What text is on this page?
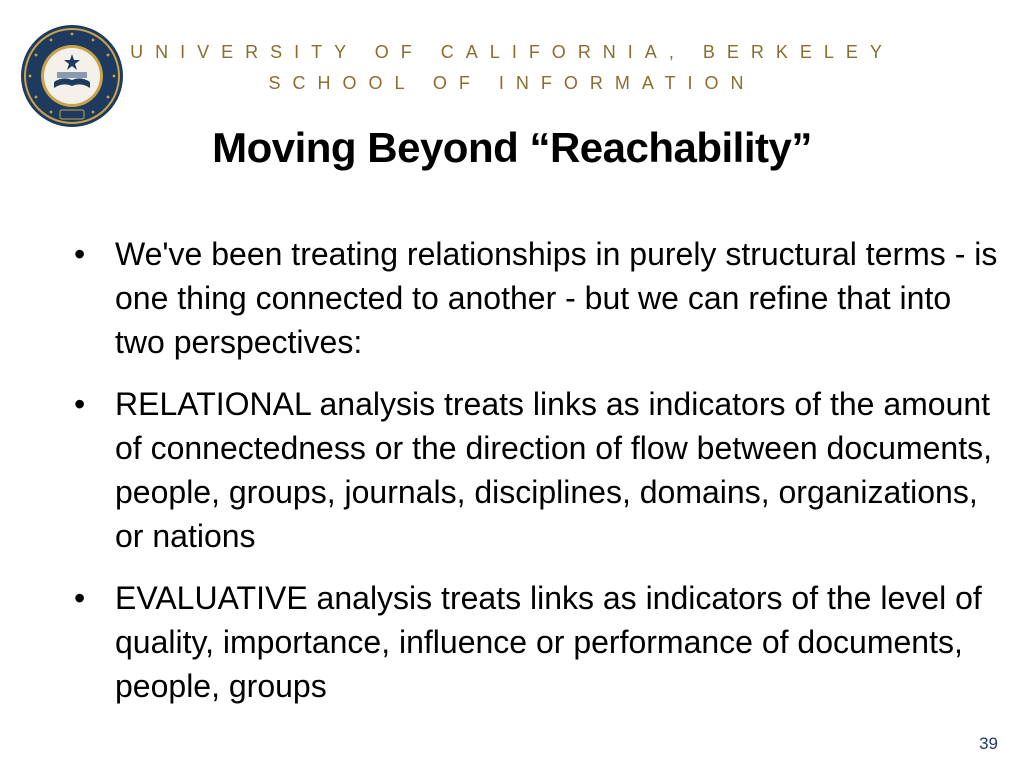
UNIVERSITY OF CALIFORNIA, BERKELEY
SCHOOL OF INFORMATION
Moving Beyond “Reachability”
• We've been treating relationships in purely structural terms - is one thing connected to another - but we can refine that into two perspectives:
• RELATIONAL analysis treats links as indicators of the amount of connectedness or the direction of flow between documents, people, groups, journals, disciplines, domains, organizations, or nations
• EVALUATIVE analysis treats links as indicators of the level of quality, importance, influence or performance of documents, people, groups
39
